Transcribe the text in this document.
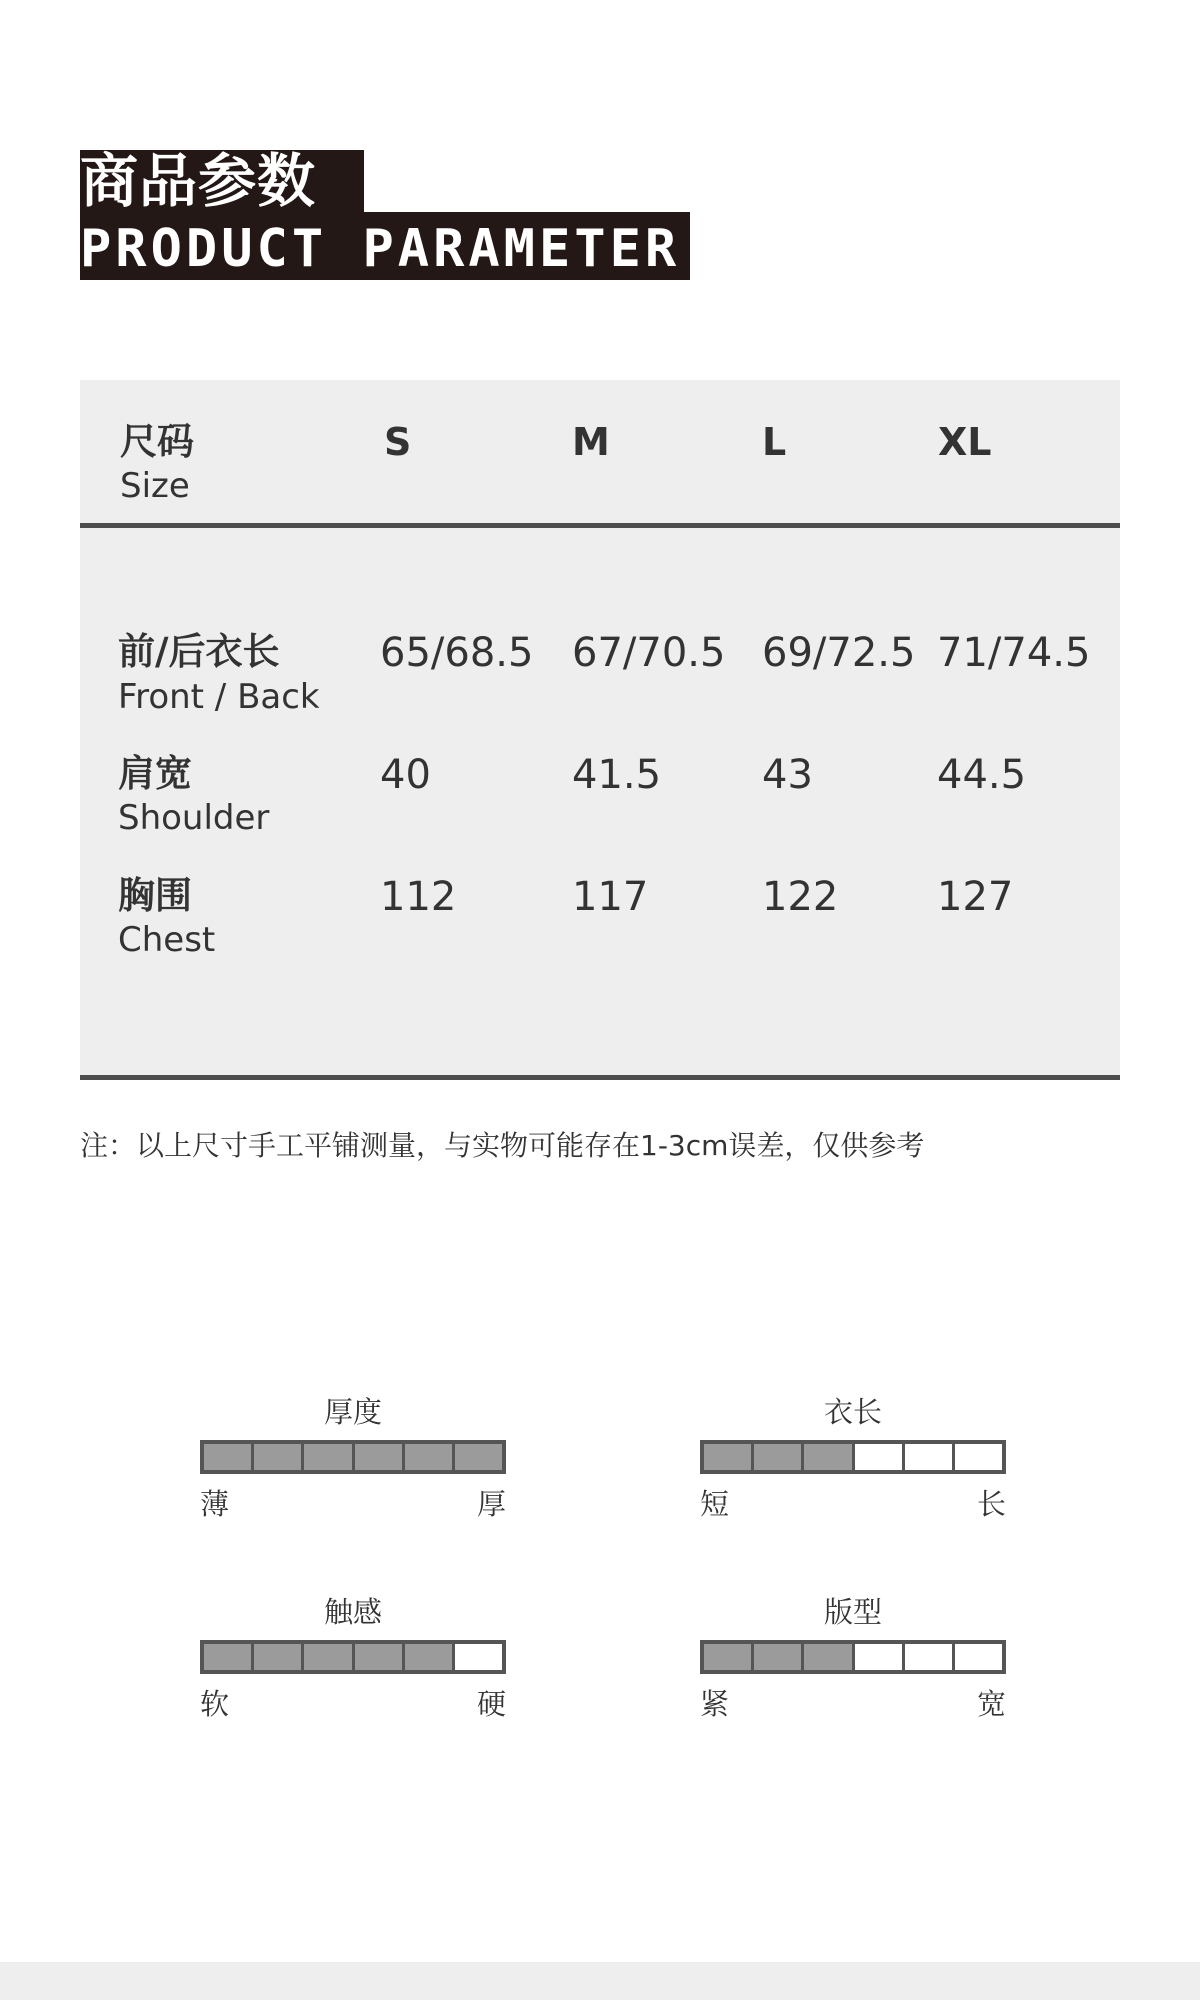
商品参数
PRODUCT PARAMETER
尺码
Size
S	M	L	XL
前/后衣长
Front / Back
65/68.5 67/70.5 69/72.5 71/74.5
肩宽
Shoulder
40	41.5	43	44.5
胸围
Chest
112	117	122 127
注：以上尺寸手工平铺测量，与实物可能存在1-3cm误差，仅供参考
厚度
薄	厚
衣长
短	长
触感
软	硬
版型
紧	宽
